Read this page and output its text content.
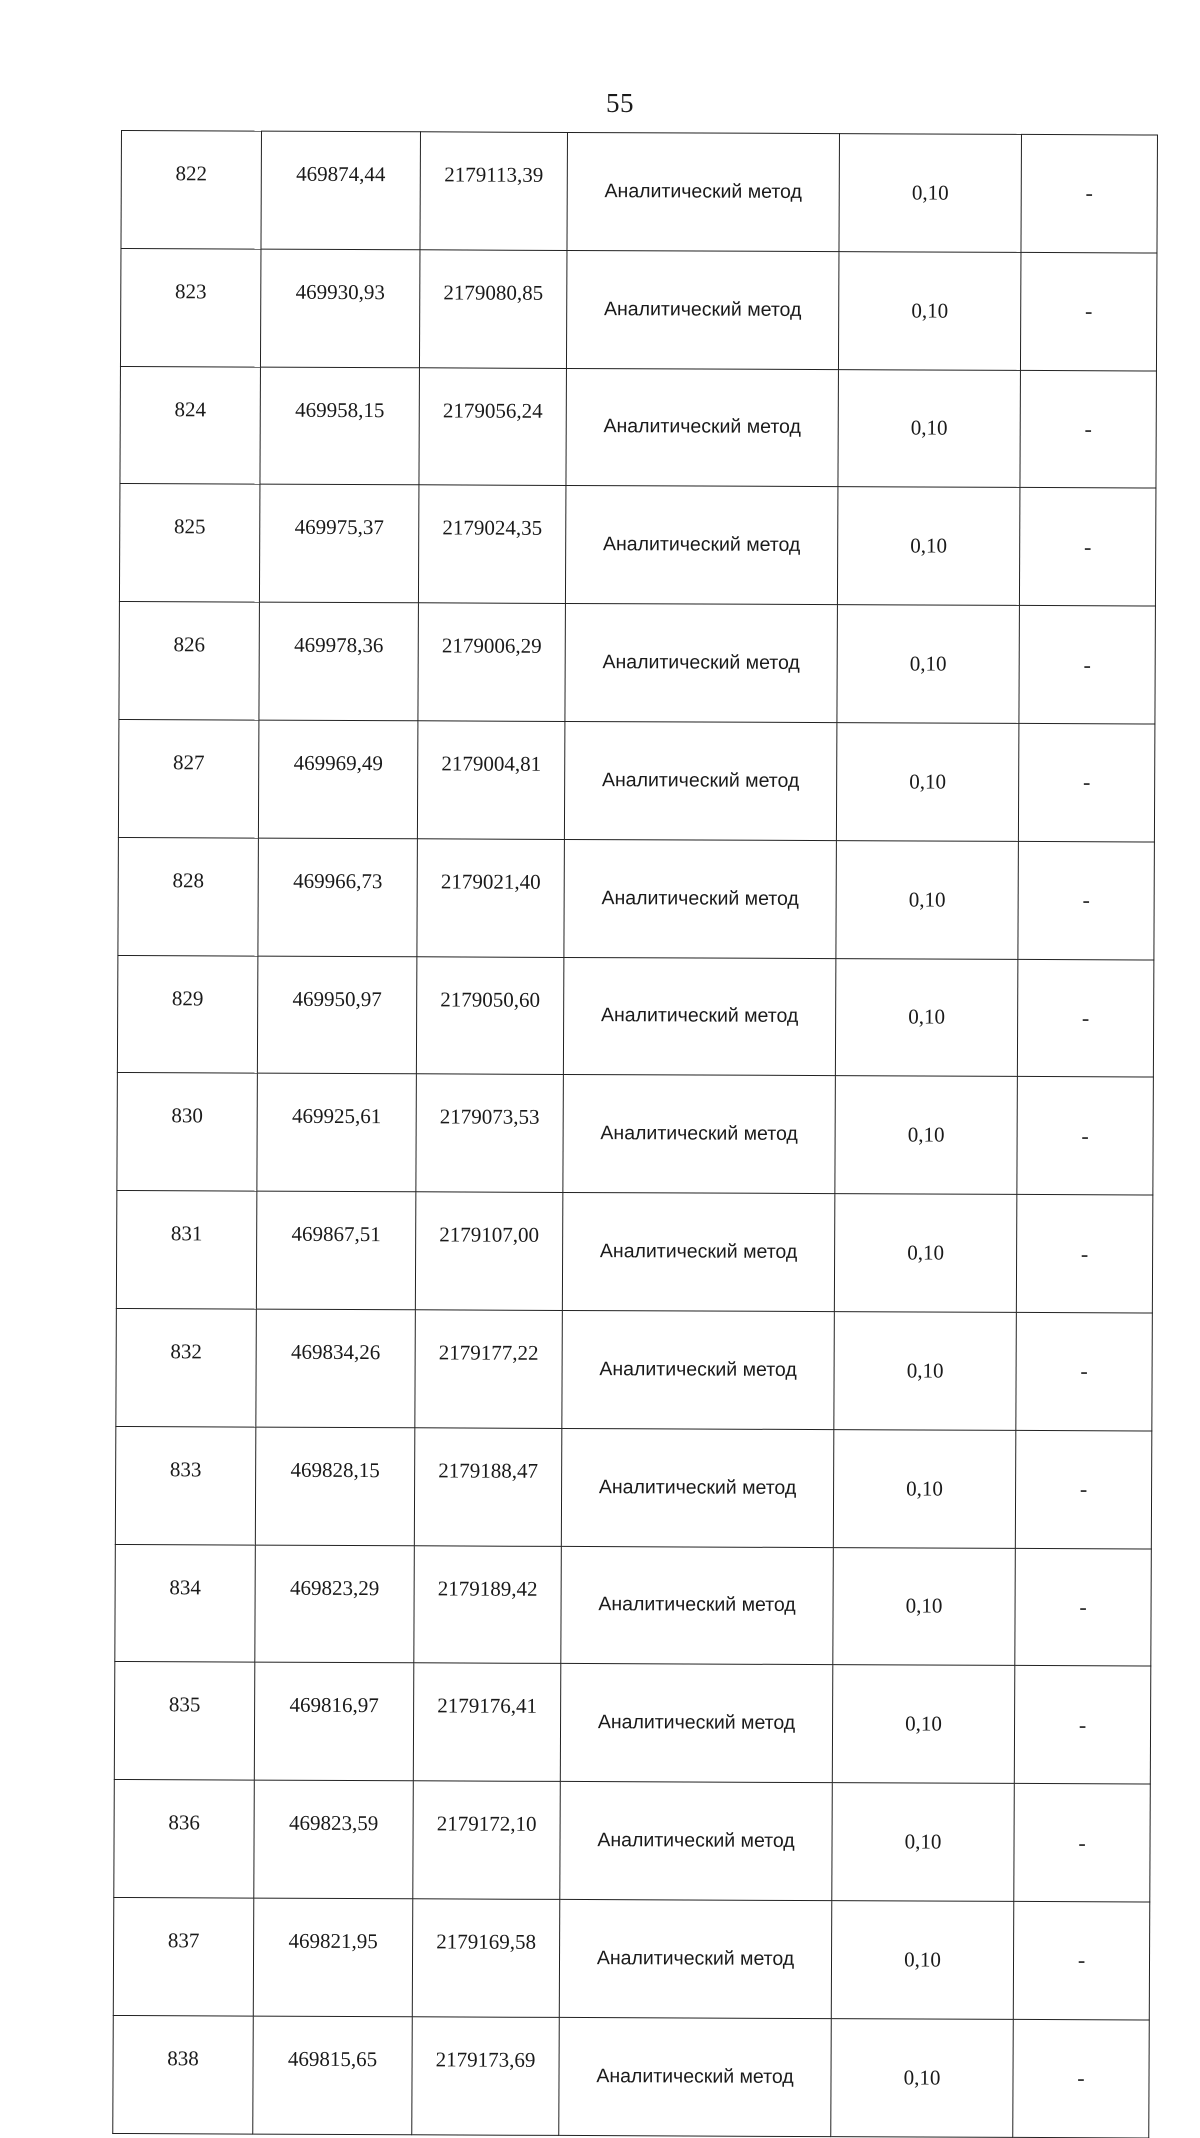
55
822	469874,44	2179113,39	Аналитический метод	0,10	-
823	469930,93	2179080,85	Аналитический метод	0,10	-
824	469958,15	2179056,24	Аналитический метод	0,10	-
825	469975,37	2179024,35	Аналитический метод	0,10	-
826	469978,36	2179006,29	Аналитический метод	0,10	-
827	469969,49	2179004,81	Аналитический метод	0,10	-
828	469966,73	2179021,40	Аналитический метод	0,10	-
829	469950,97	2179050,60	Аналитический метод	0,10	-
830	469925,61	2179073,53	Аналитический метод	0,10	-
831	469867,51	2179107,00	Аналитический метод	0,10	-
832	469834,26	2179177,22	Аналитический метод	0,10	-
833	469828,15	2179188,47	Аналитический метод	0,10	-
834	469823,29	2179189,42	Аналитический метод	0,10	-
835	469816,97	2179176,41	Аналитический метод	0,10	-
836	469823,59	2179172,10	Аналитический метод	0,10	-
837	469821,95	2179169,58	Аналитический метод	0,10	-
838	469815,65	2179173,69	Аналитический метод	0,10	-
